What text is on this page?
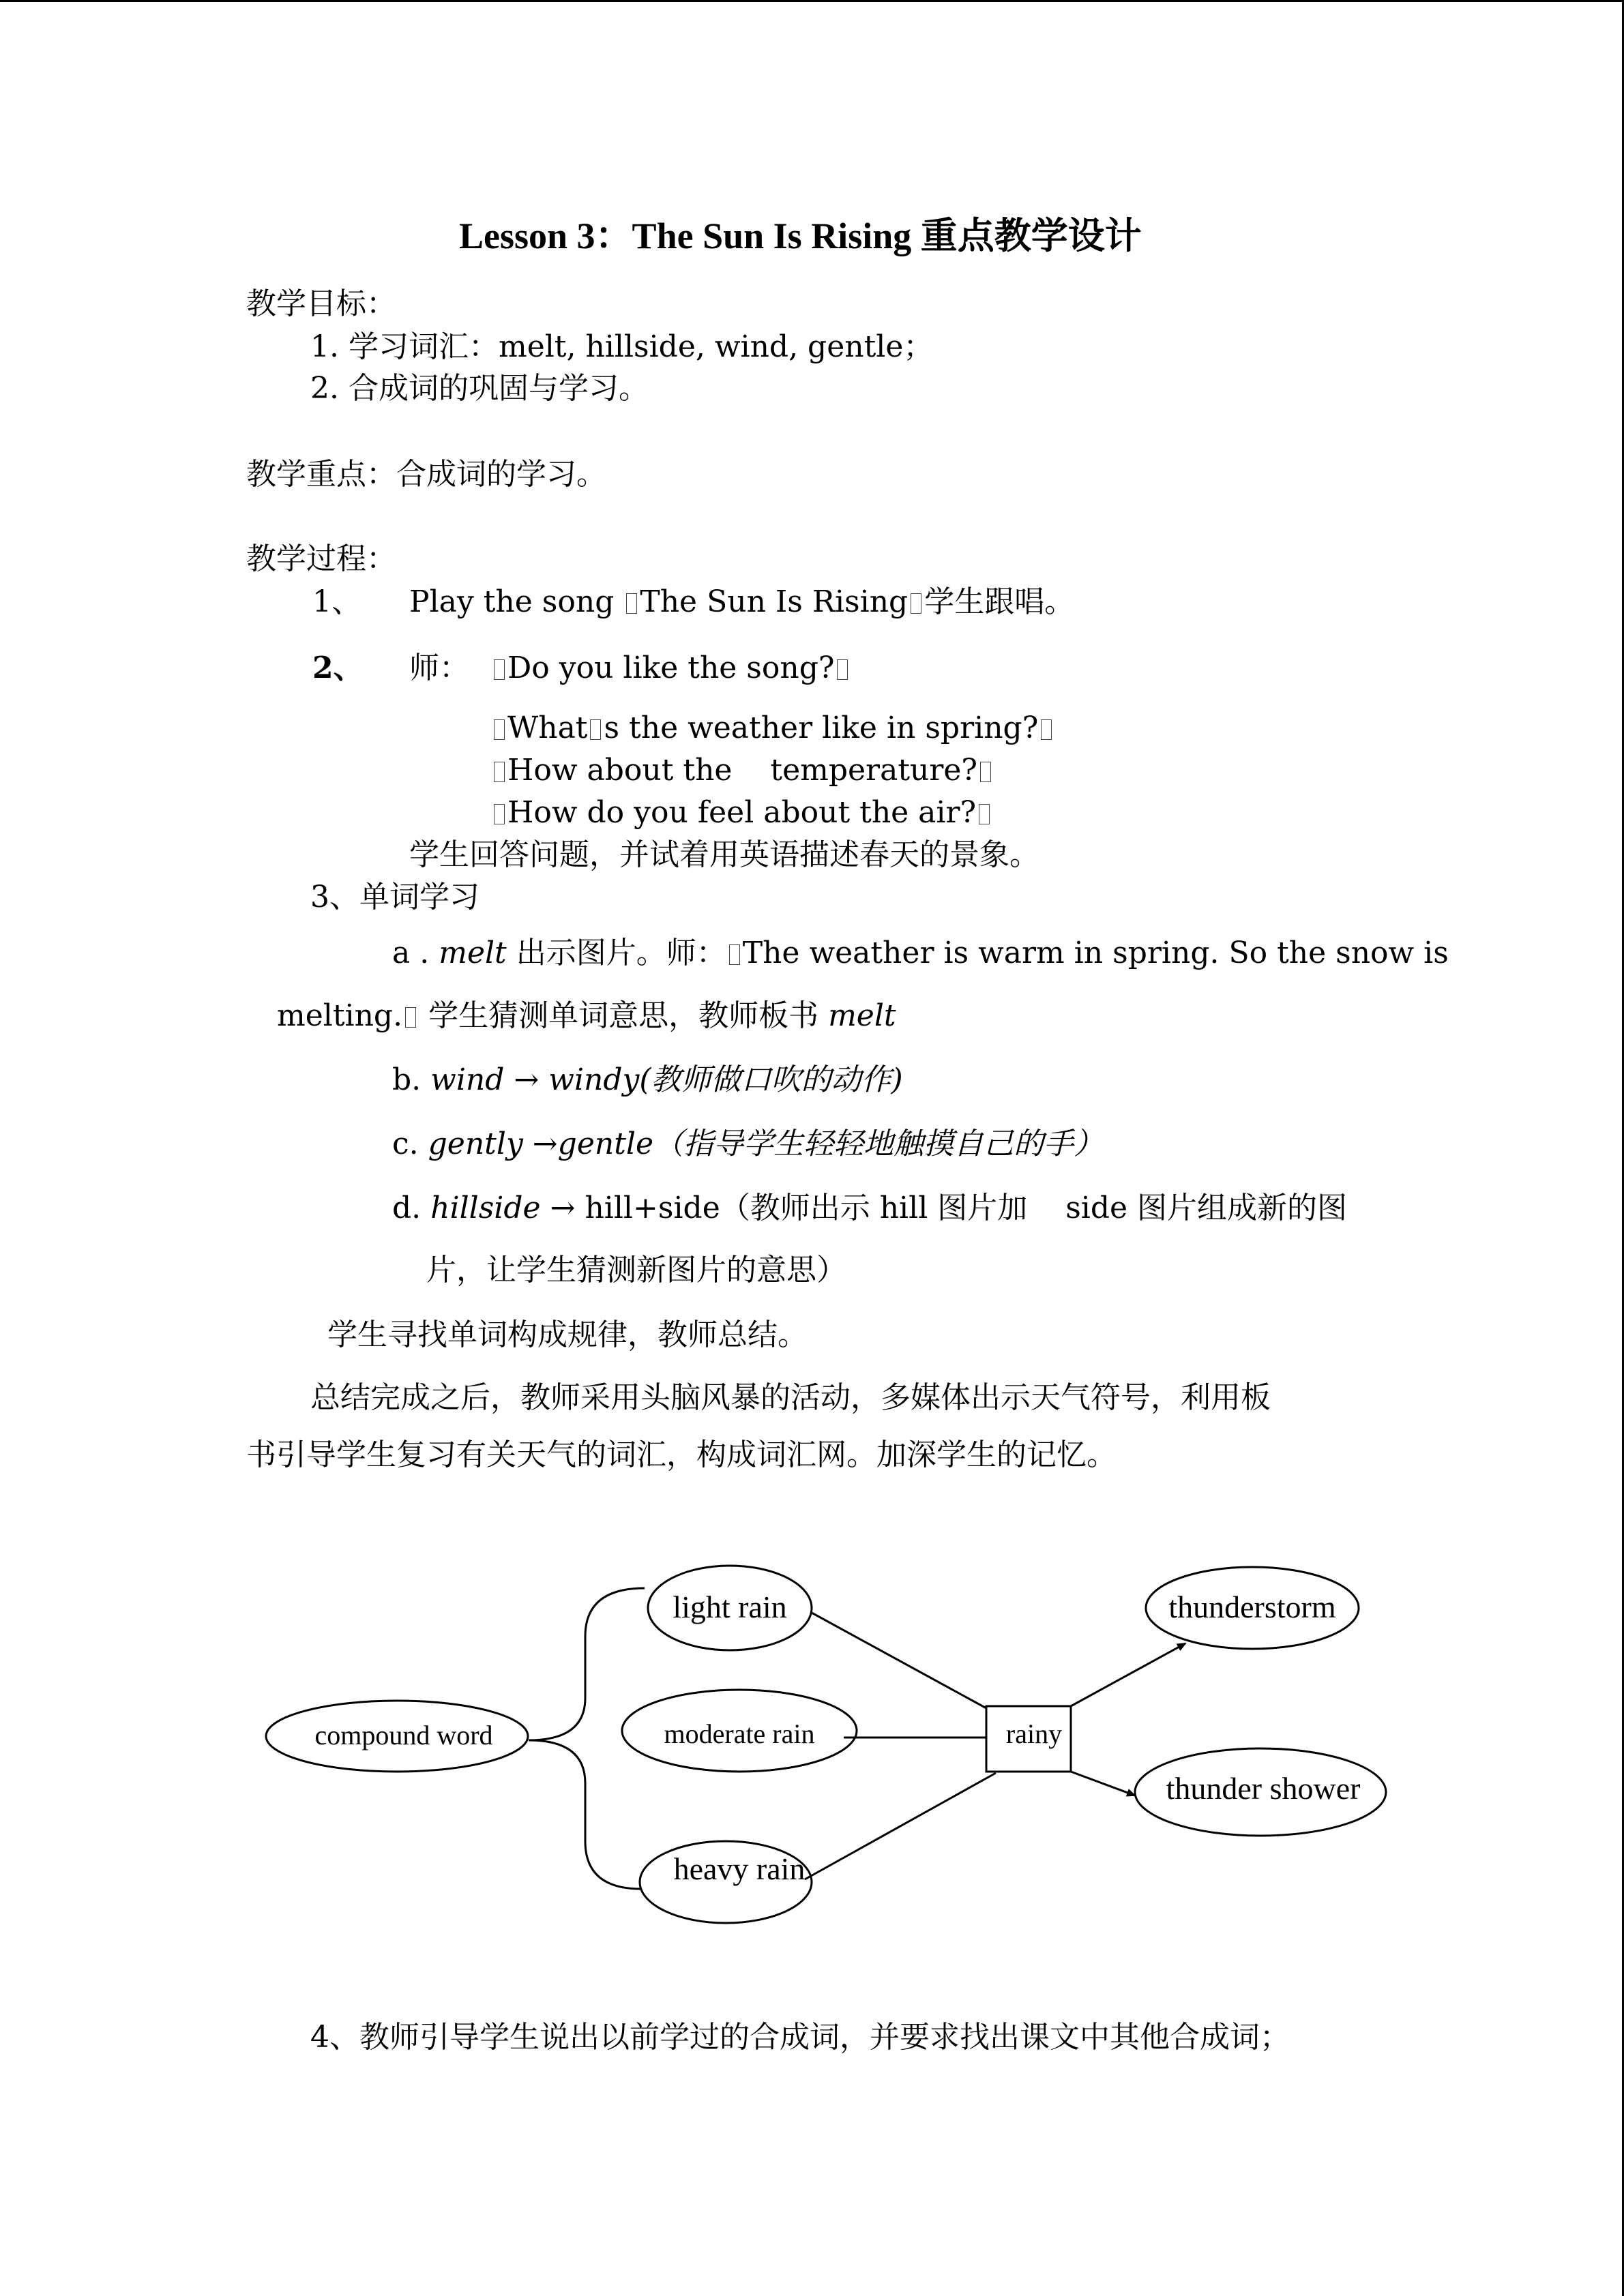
Lesson 3：The Sun Is Rising 重点教学设计
教学目标：
1. 学习词汇：melt, hillside, wind, gentle；
2. 合成词的巩固与学习。
教学重点：合成词的学习。
教学过程：
1、 Play the song The Sun Is Rising 学生跟唱。
2、 师：	Do you like the song?
What s the weather like in spring?
How about the    temperature?
How do you feel about the air?
学生回答问题，并试着用英语描述春天的景象。
3、单词学习
a . melt 出示图片。师： The weather is warm in spring. So the snow is
melting. 学生猜测单词意思，教师板书 melt
b. wind → windy(教师做口吹的动作)
c. gently →gentle（指导学生轻轻地触摸自己的手）
d. hillside → hill+side（教师出示 hill 图片加    side 图片组成新的图
片，让学生猜测新图片的意思）
学生寻找单词构成规律，教师总结。
总结完成之后，教师采用头脑风暴的活动，多媒体出示天气符号，利用板
书引导学生复习有关天气的词汇，构成词汇网。加深学生的记忆。
compound word
light rain
moderate rain
heavy rain
rainy
thunderstorm
thunder shower
4、教师引导学生说出以前学过的合成词，并要求找出课文中其他合成词；
